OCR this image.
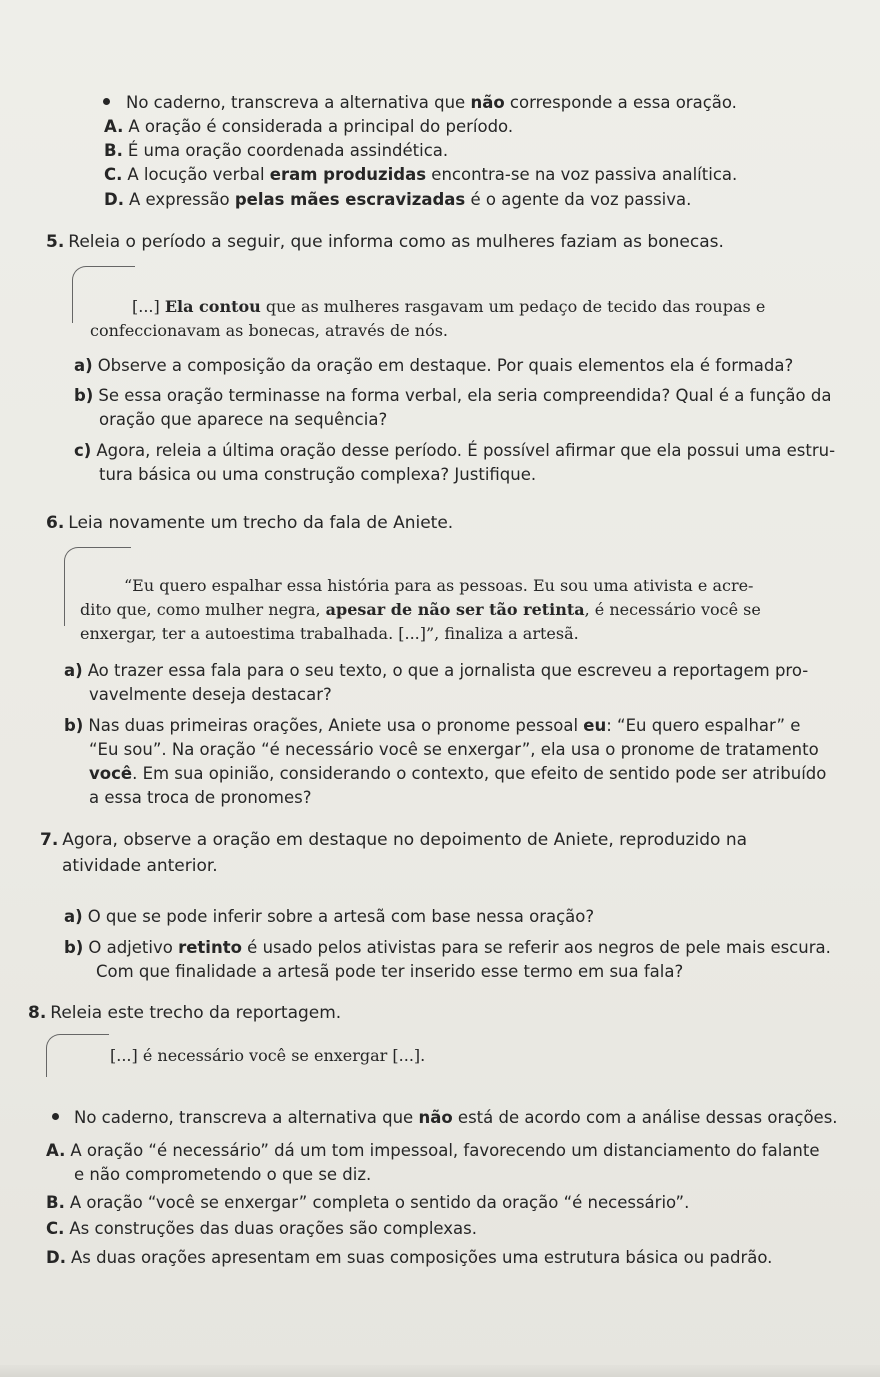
No caderno, transcreva a alternativa que não corresponde a essa oração.
A. A oração é considerada a principal do período.
B. É uma oração coordenada assindética.
C. A locução verbal eram produzidas encontra-se na voz passiva analítica.
D. A expressão pelas mães escravizadas é o agente da voz passiva.
5. Releia o período a seguir, que informa como as mulheres faziam as bonecas.
[...] Ela contou que as mulheres rasgavam um pedaço de tecido das roupas e
confeccionavam as bonecas, através de nós.
a) Observe a composição da oração em destaque. Por quais elementos ela é formada?
b) Se essa oração terminasse na forma verbal, ela seria compreendida? Qual é a função da
oração que aparece na sequência?
c) Agora, releia a última oração desse período. É possível afirmar que ela possui uma estru-
tura básica ou uma construção complexa? Justifique.
6. Leia novamente um trecho da fala de Aniete.
“Eu quero espalhar essa história para as pessoas. Eu sou uma ativista e acre-
dito que, como mulher negra, apesar de não ser tão retinta, é necessário você se
enxergar, ter a autoestima trabalhada. [...]”, finaliza a artesã.
a) Ao trazer essa fala para o seu texto, o que a jornalista que escreveu a reportagem pro-
vavelmente deseja destacar?
b) Nas duas primeiras orações, Aniete usa o pronome pessoal eu: “Eu quero espalhar” e
“Eu sou”. Na oração “é necessário você se enxergar”, ela usa o pronome de tratamento
você. Em sua opinião, considerando o contexto, que efeito de sentido pode ser atribuído
a essa troca de pronomes?
7. Agora, observe a oração em destaque no depoimento de Aniete, reproduzido na
atividade anterior.
a) O que se pode inferir sobre a artesã com base nessa oração?
b) O adjetivo retinto é usado pelos ativistas para se referir aos negros de pele mais escura.
Com que finalidade a artesã pode ter inserido esse termo em sua fala?
8. Releia este trecho da reportagem.
[...] é necessário você se enxergar [...].
No caderno, transcreva a alternativa que não está de acordo com a análise dessas orações.
A. A oração “é necessário” dá um tom impessoal, favorecendo um distanciamento do falante
e não comprometendo o que se diz.
B. A oração “você se enxergar” completa o sentido da oração “é necessário”.
C. As construções das duas orações são complexas.
D. As duas orações apresentam em suas composições uma estrutura básica ou padrão.
